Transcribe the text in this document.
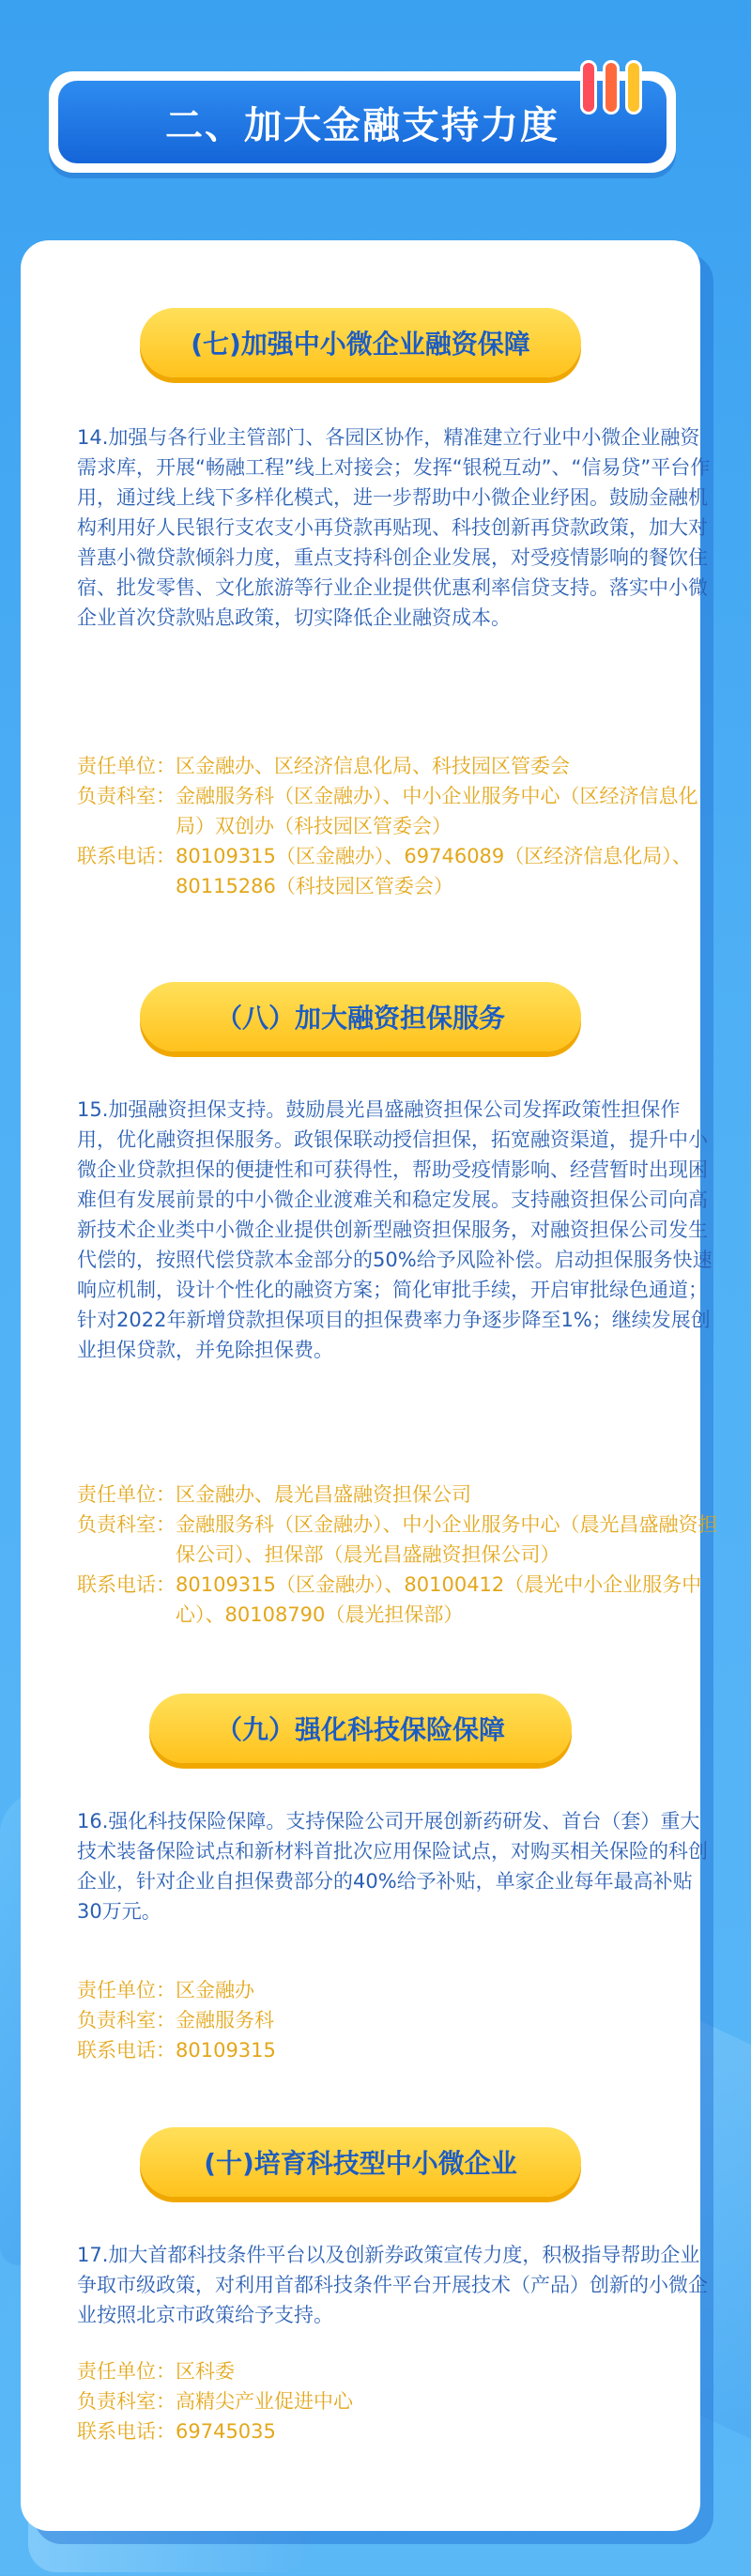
二、加大金融支持力度
(七)加强中小微企业融资保障

14.加强与各行业主管部门、各园区协作，精准建立行业中小微企业融资需求库，开展“畅融工程”线上对接会；发挥“银税互动”、“信易贷”平台作用，通过线上线下多样化模式，进一步帮助中小微企业纾困。鼓励金融机构利用好人民银行支农支小再贷款再贴现、科技创新再贷款政策，加大对普惠小微贷款倾斜力度，重点支持科创企业发展，对受疫情影响的餐饮住宿、批发零售、文化旅游等行业企业提供优惠利率信贷支持。落实中小微企业首次贷款贴息政策，切实降低企业融资成本。

责任单位： 区金融办、区经济信息化局、科技园区管委会
负责科室： 金融服务科（区金融办）、中小企业服务中心（区经济信息化局）双创办（科技园区管委会）
联系电话： 80109315（区金融办）、69746089（区经济信息化局）、80115286（科技园区管委会）
（八）加大融资担保服务

15.加强融资担保支持。鼓励晨光昌盛融资担保公司发挥政策性担保作用，优化融资担保服务。政银保联动授信担保，拓宽融资渠道，提升中小微企业贷款担保的便捷性和可获得性，帮助受疫情影响、经营暂时出现困难但有发展前景的中小微企业渡难关和稳定发展。支持融资担保公司向高新技术企业类中小微企业提供创新型融资担保服务，对融资担保公司发生代偿的，按照代偿贷款本金部分的50%给予风险补偿。启动担保服务快速响应机制，设计个性化的融资方案；简化审批手续，开启审批绿色通道；针对2022年新增贷款担保项目的担保费率力争逐步降至1%；继续发展创业担保贷款，并免除担保费。

责任单位： 区金融办、晨光昌盛融资担保公司
负责科室： 金融服务科（区金融办）、中小企业服务中心（晨光昌盛融资担保公司）、担保部（晨光昌盛融资担保公司）
联系电话： 80109315（区金融办）、80100412（晨光中小企业服务中心）、80108790（晨光担保部）
（九）强化科技保险保障

16.强化科技保险保障。支持保险公司开展创新药研发、首台（套）重大技术装备保险试点和新材料首批次应用保险试点，对购买相关保险的科创企业，针对企业自担保费部分的40%给予补贴，单家企业每年最高补贴30万元。

责任单位： 区金融办
负责科室： 金融服务科
联系电话： 80109315
(十)培育科技型中小微企业

17.加大首都科技条件平台以及创新券政策宣传力度，积极指导帮助企业争取市级政策，对利用首都科技条件平台开展技术（产品）创新的小微企业按照北京市政策给予支持。

责任单位： 区科委
负责科室： 高精尖产业促进中心
联系电话： 69745035
